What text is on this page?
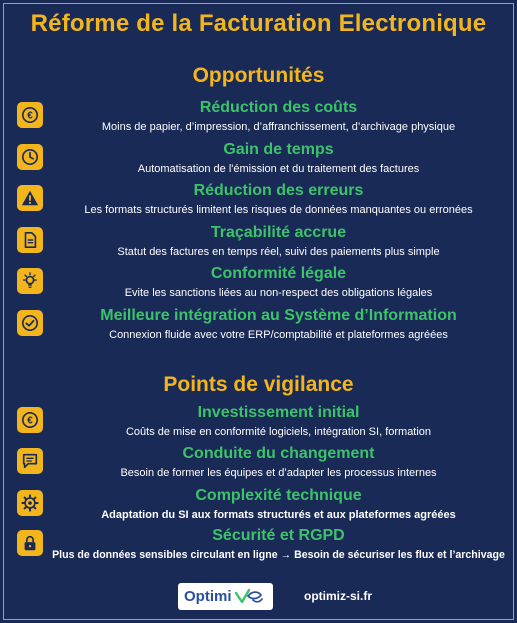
Réforme de la Facturation Electronique
Opportunités
€
Réduction des coûts
Moins de papier, d’impression, d’affranchissement, d’archivage physique
Gain de temps
Automatisation de l'émission et du traitement des factures
Réduction des erreurs
Les formats structurés limitent les risques de données manquantes ou erronées
Traçabilité accrue
Statut des factures en temps réel, suivi des paiements plus simple
Conformité légale
Evite les sanctions liées au non-respect des obligations légales
Meilleure intégration au Système d’Information
Connexion fluide avec votre ERP/comptabilité et plateformes agréées
Points de vigilance
€
Investissement initial
Coûts de mise en conformité logiciels, intégration SI, formation
Conduite du changement
Besoin de former les équipes et d’adapter les processus internes
Complexité technique
Adaptation du SI aux formats structurés et aux plateformes agréées
Sécurité et RGPD
Plus de données sensibles circulant en ligne → Besoin de sécuriser les flux et l’archivage
Optimi	optimiz-si.fr
